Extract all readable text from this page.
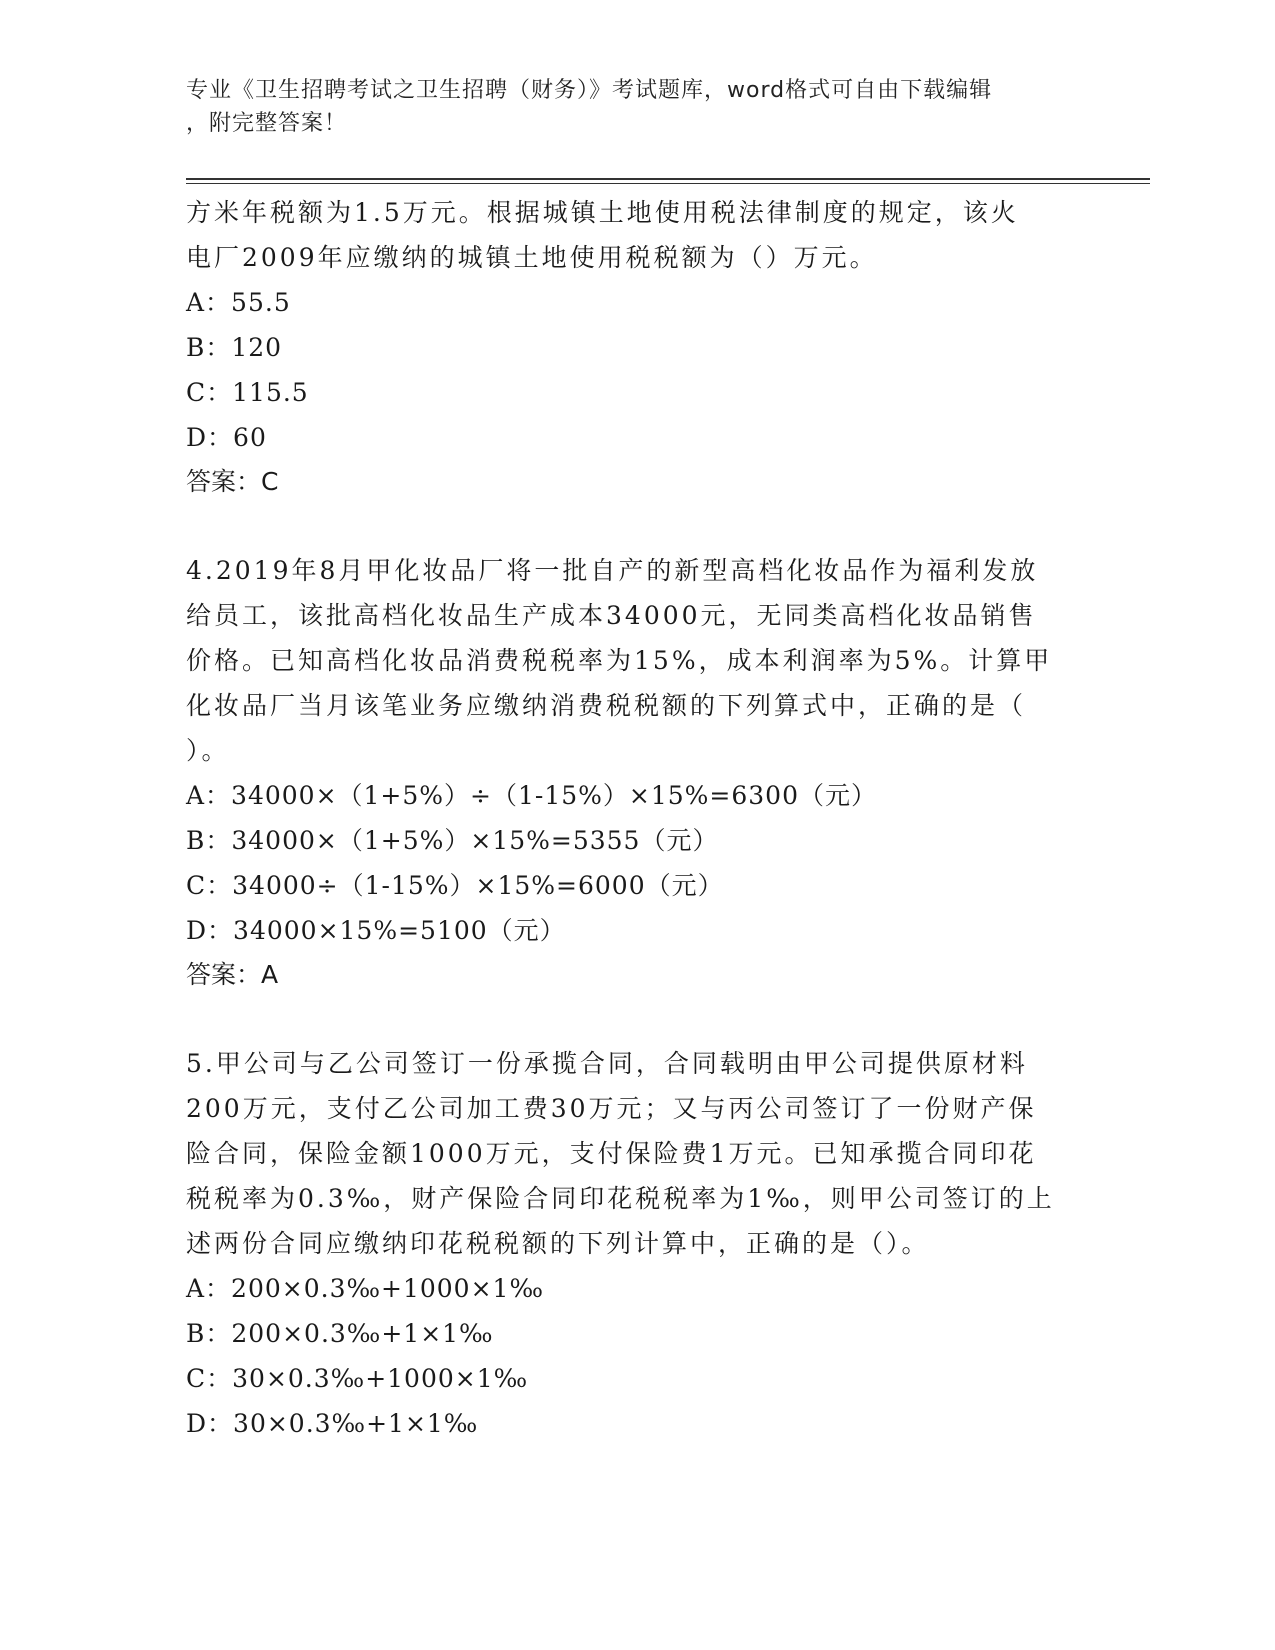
专业《卫生招聘考试之卫生招聘（财务）》考试题库，word格式可自由下载编辑
，附完整答案！

方米年税额为1.5万元。根据城镇土地使用税法律制度的规定，该火

电厂2009年应缴纳的城镇土地使用税税额为（）万元。

A：55.5

B：120

C：115.5

D：60

答案：C

4.2019年8月甲化妆品厂将一批自产的新型高档化妆品作为福利发放

给员工，该批高档化妆品生产成本34000元，无同类高档化妆品销售

价格。已知高档化妆品消费税税率为15%，成本利润率为5%。计算甲

化妆品厂当月该笔业务应缴纳消费税税额的下列算式中，正确的是（

）。

A：34000×（1+5%）÷（1-15%）×15%=6300（元）

B：34000×（1+5%）×15%=5355（元）

C：34000÷（1-15%）×15%=6000（元）

D：34000×15%=5100（元）

答案：A

5.甲公司与乙公司签订一份承揽合同，合同载明由甲公司提供原材料

200万元，支付乙公司加工费30万元；又与丙公司签订了一份财产保

险合同，保险金额1000万元，支付保险费1万元。已知承揽合同印花

税税率为0.3‰，财产保险合同印花税税率为1‰，则甲公司签订的上

述两份合同应缴纳印花税税额的下列计算中，正确的是（）。

A：200×0.3‰+1000×1‰

B：200×0.3‰+1×1‰

C：30×0.3‰+1000×1‰

D：30×0.3‰+1×1‰
